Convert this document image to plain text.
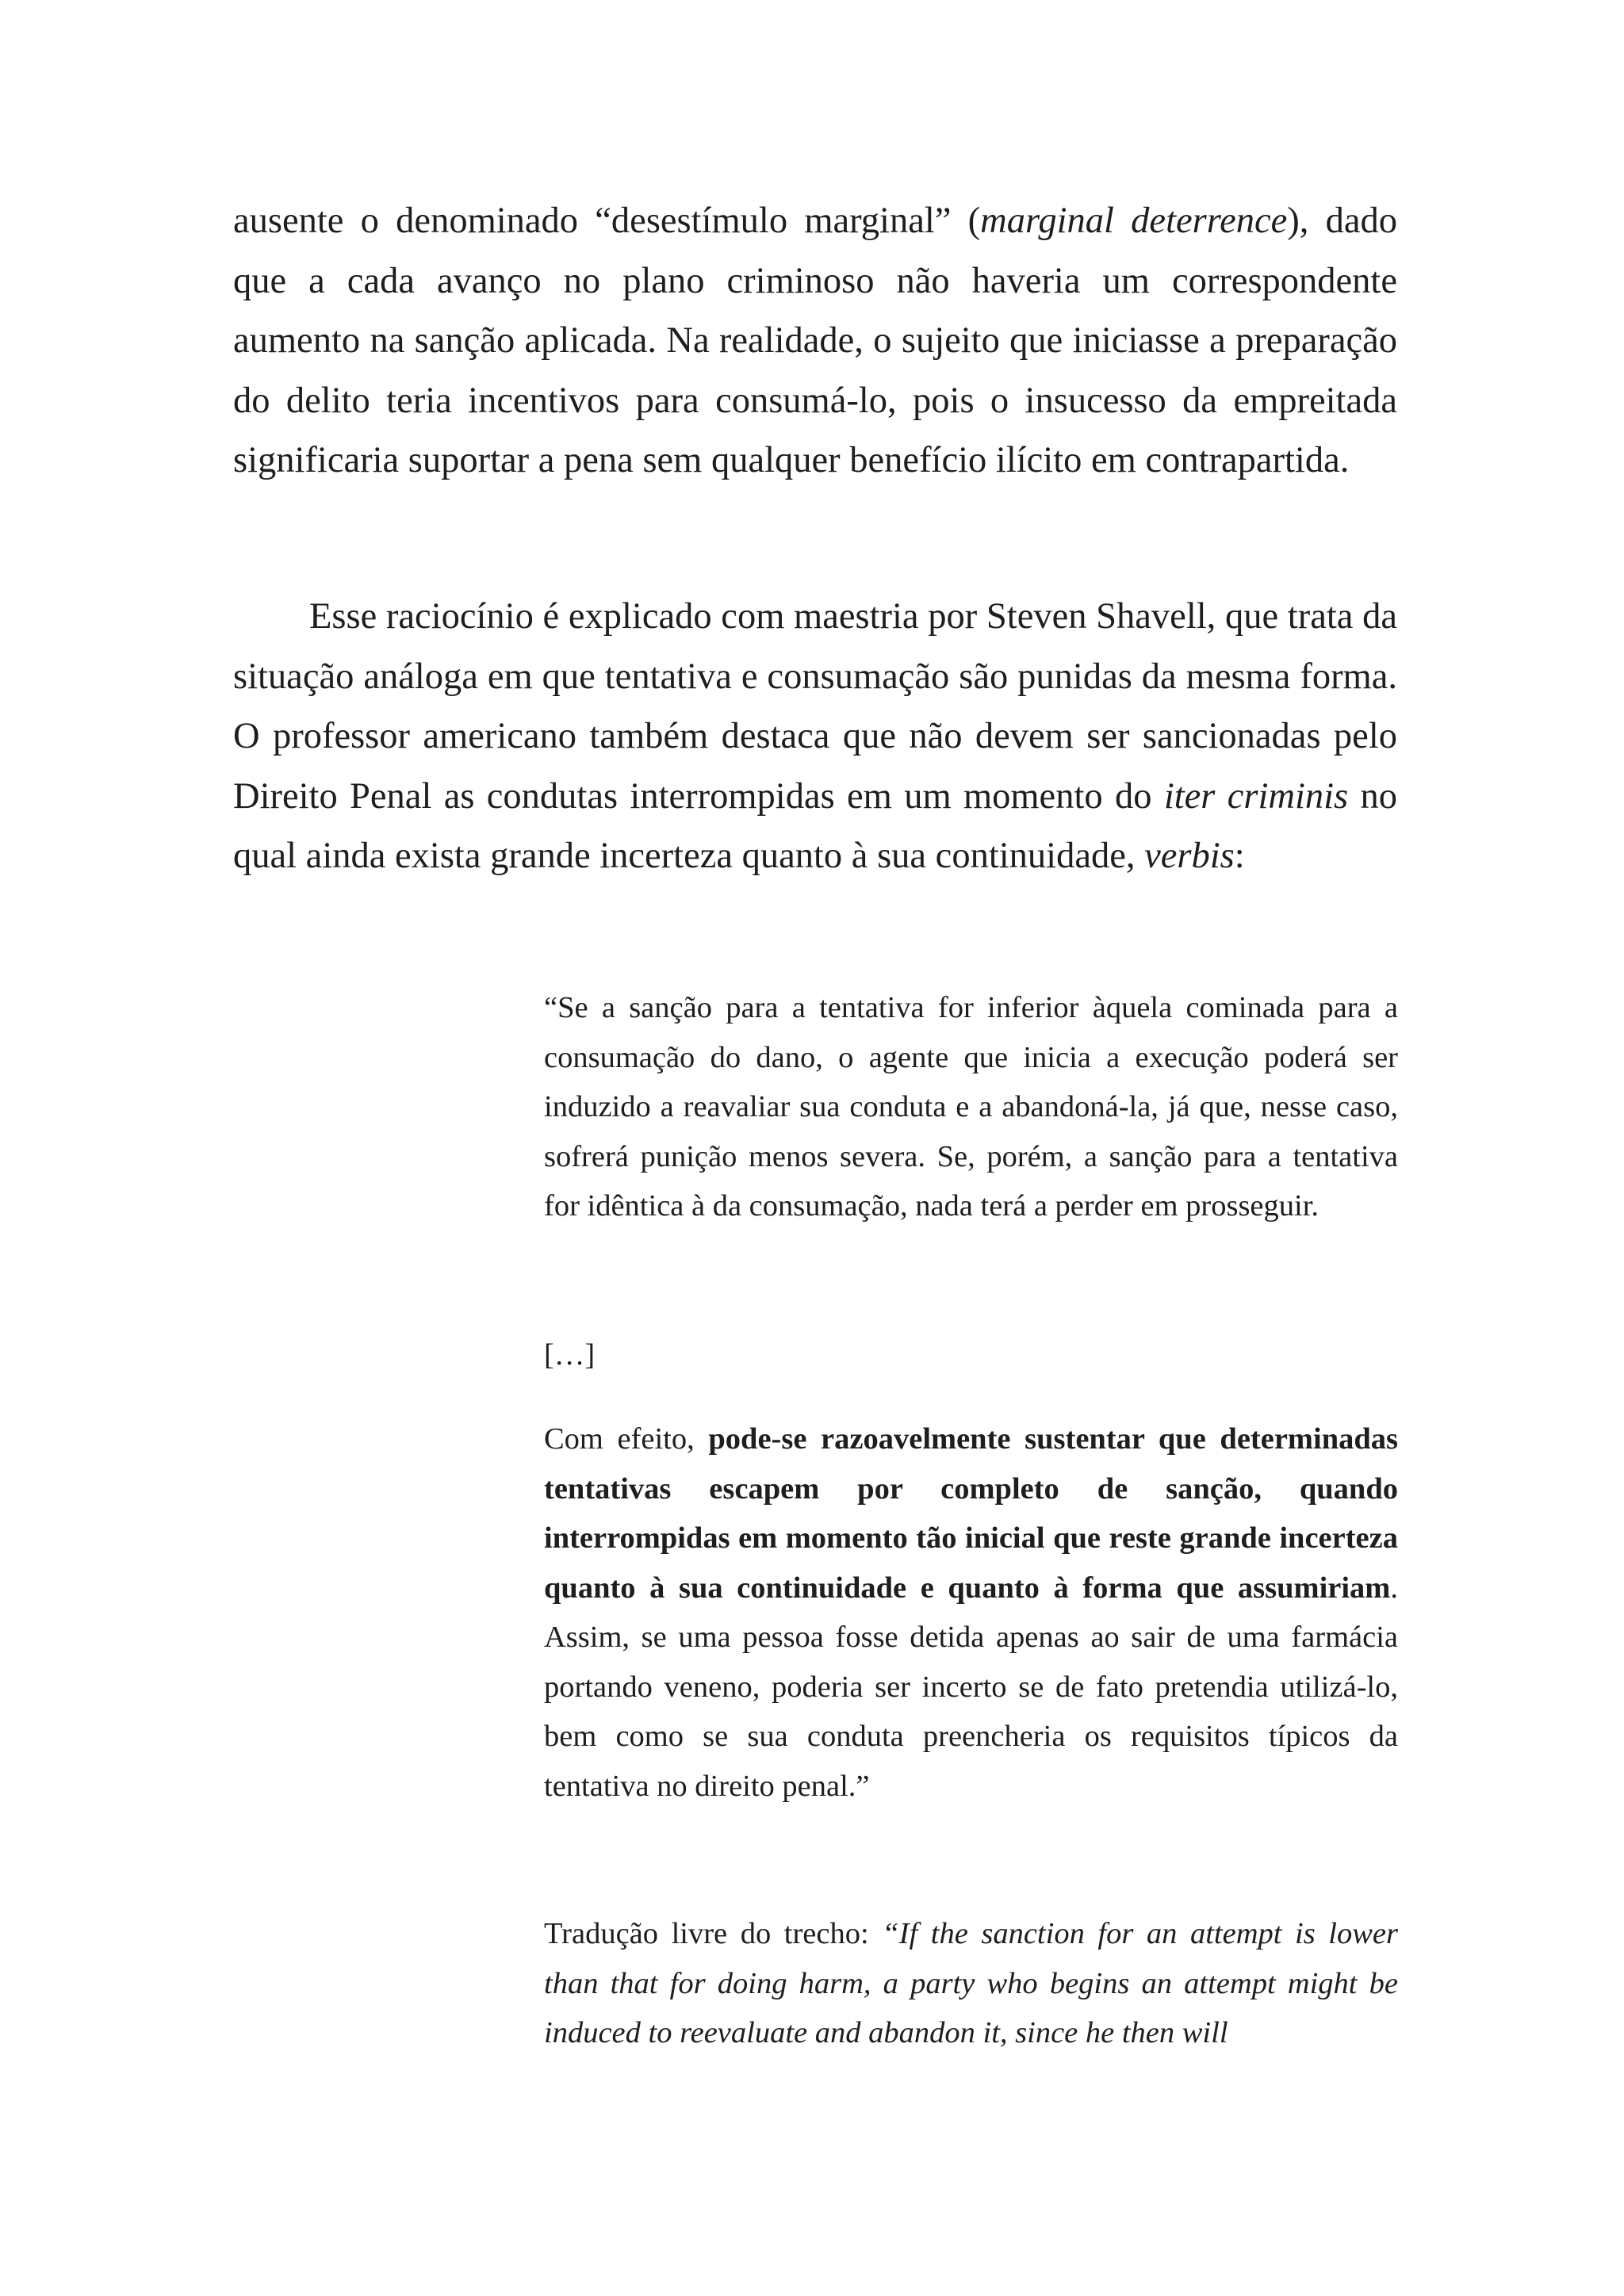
ausente o denominado “desestímulo marginal” (marginal deterrence), dado que a cada avanço no plano criminoso não haveria um correspondente aumento na sanção aplicada. Na realidade, o sujeito que iniciasse a preparação do delito teria incentivos para consumá-lo, pois o insucesso da empreitada significaria suportar a pena sem qualquer benefício ilícito em contrapartida.

Esse raciocínio é explicado com maestria por Steven Shavell, que trata da situação análoga em que tentativa e consumação são punidas da mesma forma. O professor americano também destaca que não devem ser sancionadas pelo Direito Penal as condutas interrompidas em um momento do iter criminis no qual ainda exista grande incerteza quanto à sua continuidade, verbis:

“Se a sanção para a tentativa for inferior àquela cominada para a consumação do dano, o agente que inicia a execução poderá ser induzido a reavaliar sua conduta e a abandoná-la, já que, nesse caso, sofrerá punição menos severa. Se, porém, a sanção para a tentativa for idêntica à da consumação, nada terá a perder em prosseguir.

[…]

Com efeito, pode-se razoavelmente sustentar que determinadas tentativas escapem por completo de sanção, quando interrompidas em momento tão inicial que reste grande incerteza quanto à sua continuidade e quanto à forma que assumiriam. Assim, se uma pessoa fosse detida apenas ao sair de uma farmácia portando veneno, poderia ser incerto se de fato pretendia utilizá-lo, bem como se sua conduta preencheria os requisitos típicos da tentativa no direito penal.”

Tradução livre do trecho: “If the sanction for an attempt is lower than that for doing harm, a party who begins an attempt might be induced to reevaluate and abandon it, since he then will
